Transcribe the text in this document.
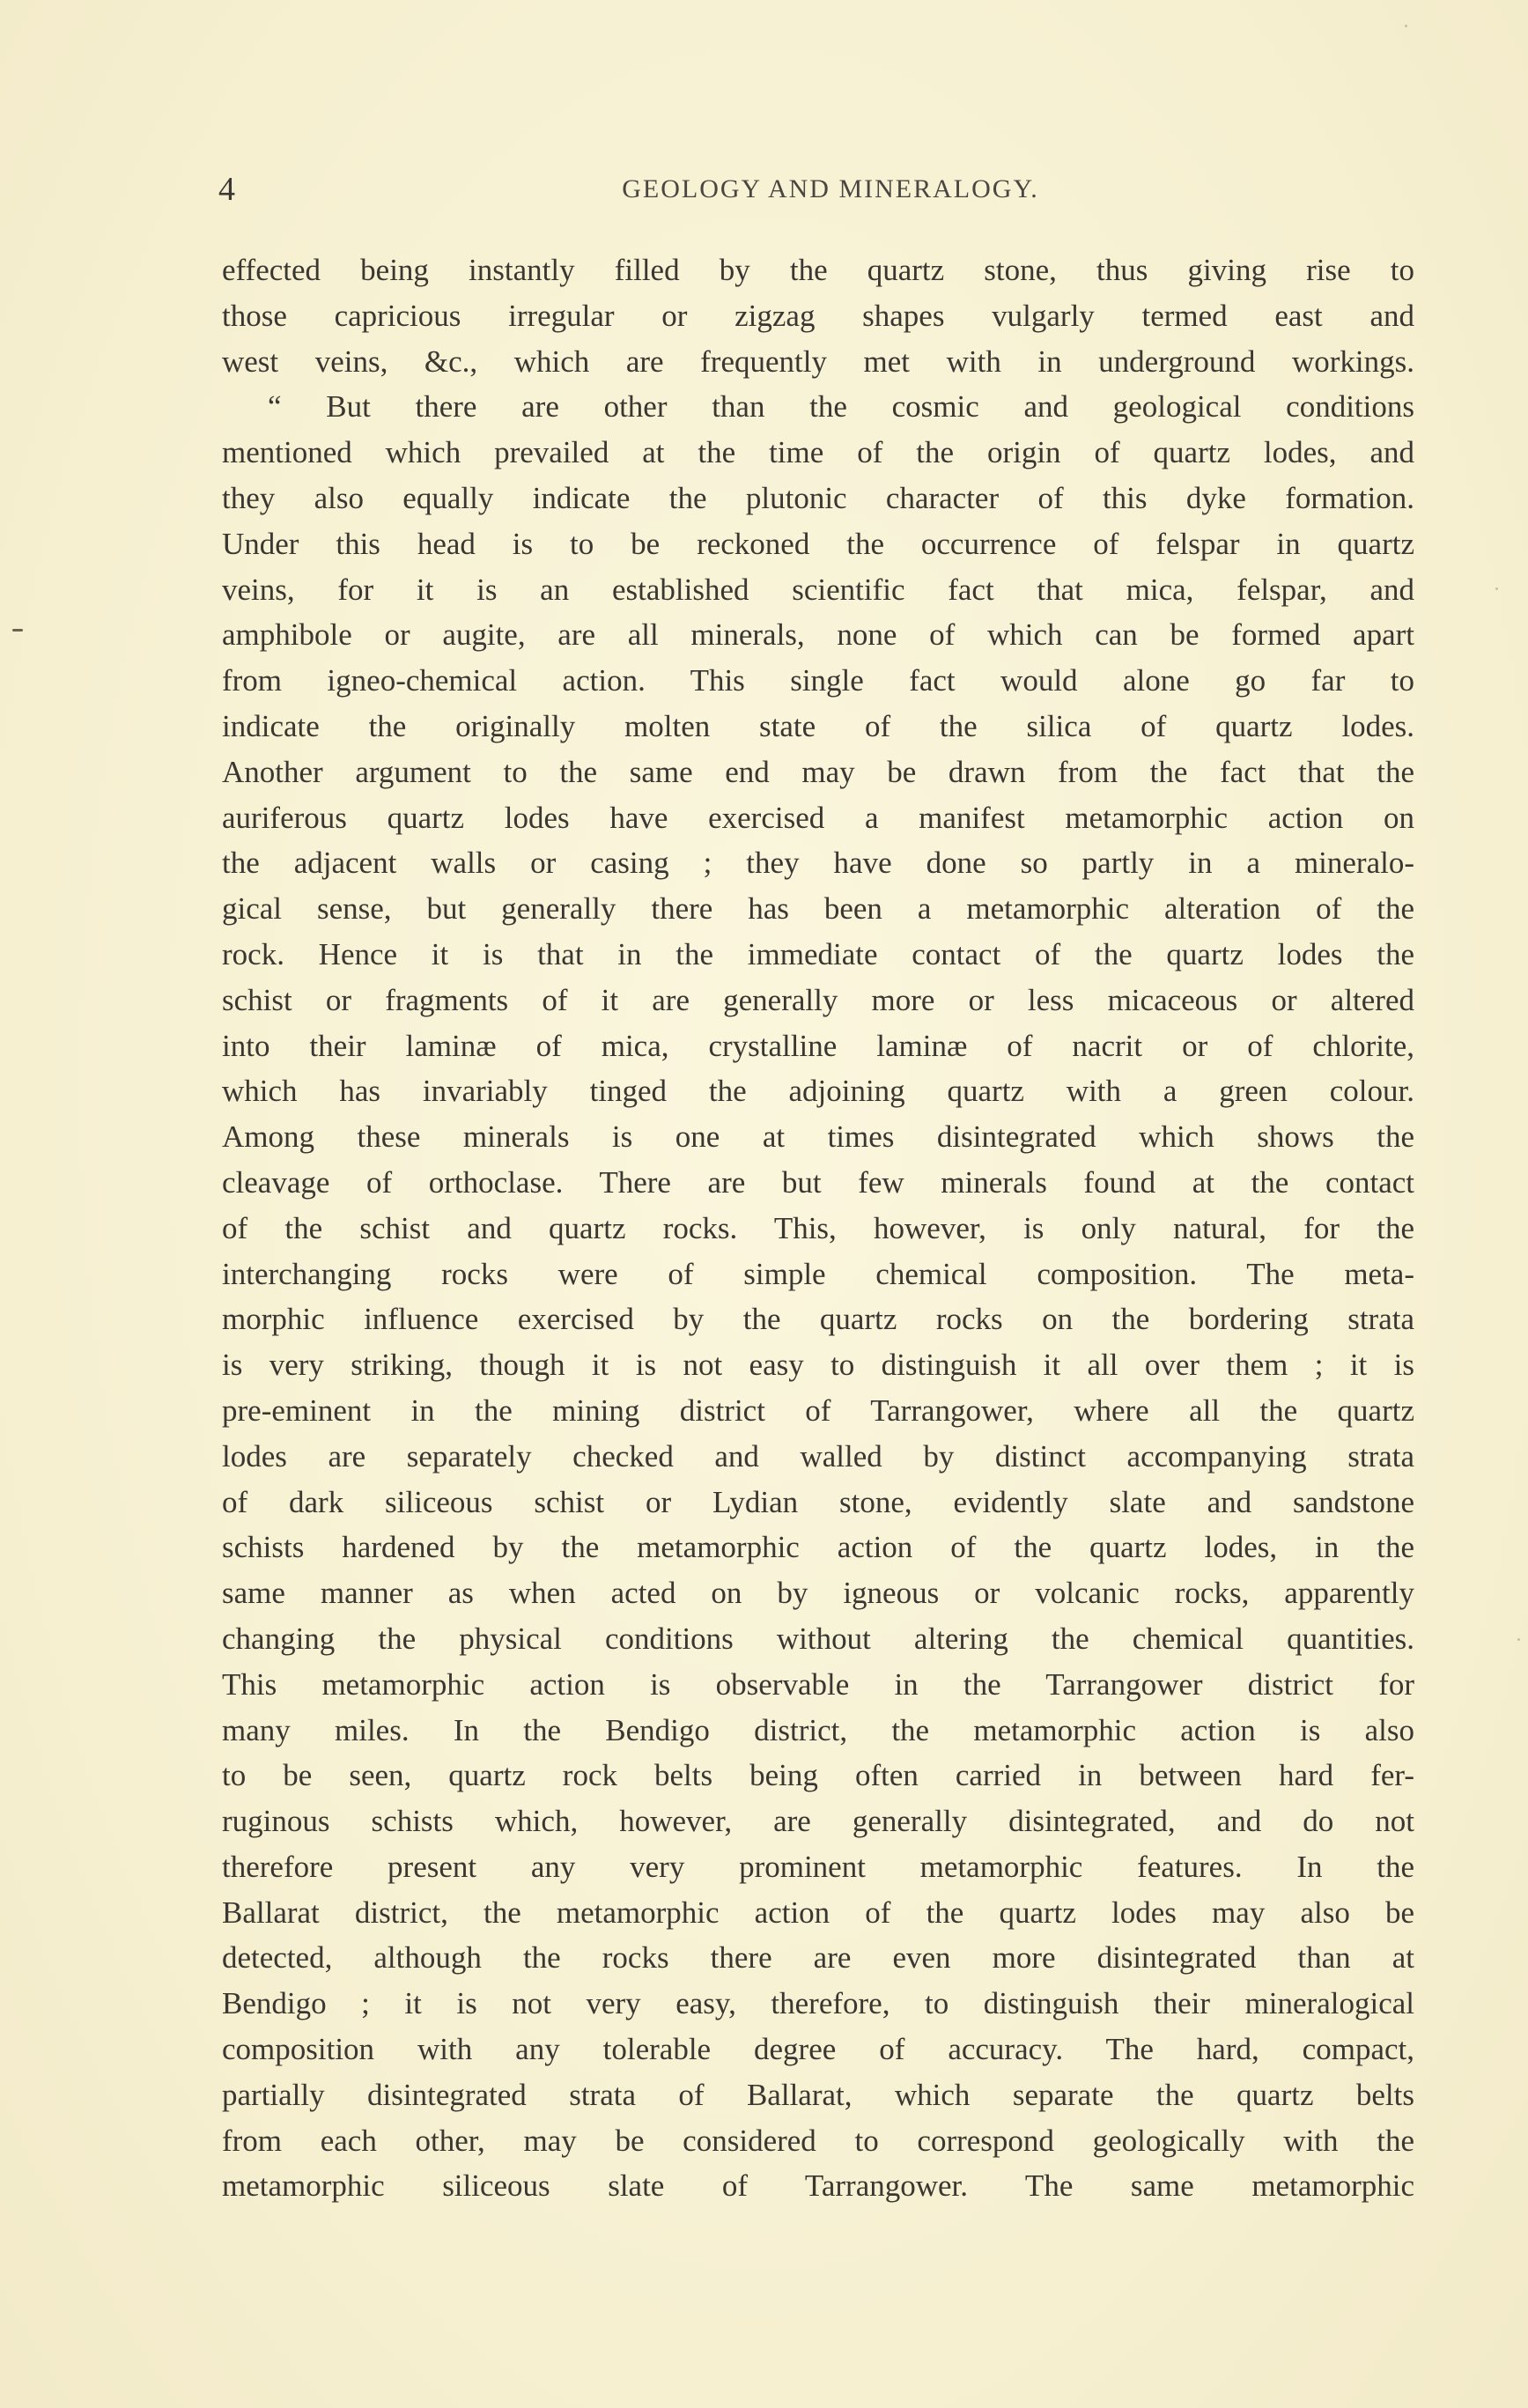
4	GEOLOGY AND MINERALOGY.
effected being instantly filled by the quartz stone, thus giving rise to
those capricious irregular or zigzag shapes vulgarly termed east and
west veins, &c., which are frequently met with in underground workings.
“ But there are other than the cosmic and geological conditions
mentioned which prevailed at the time of the origin of quartz lodes, and
they also equally indicate the plutonic character of this dyke formation.
Under this head is to be reckoned the occurrence of felspar in quartz
veins, for it is an established scientific fact that mica, felspar, and
amphibole or augite, are all minerals, none of which can be formed apart
from igneo-chemical action. This single fact would alone go far to
indicate the originally molten state of the silica of quartz lodes.
Another argument to the same end may be drawn from the fact that the
auriferous quartz lodes have exercised a manifest metamorphic action on
the adjacent walls or casing ; they have done so partly in a mineralo-
gical sense, but generally there has been a metamorphic alteration of the
rock. Hence it is that in the immediate contact of the quartz lodes the
schist or fragments of it are generally more or less micaceous or altered
into their laminæ of mica, crystalline laminæ of nacrit or of chlorite,
which has invariably tinged the adjoining quartz with a green colour.
Among these minerals is one at times disintegrated which shows the
cleavage of orthoclase. There are but few minerals found at the contact
of the schist and quartz rocks. This, however, is only natural, for the
interchanging rocks were of simple chemical composition. The meta-
morphic influence exercised by the quartz rocks on the bordering strata
is very striking, though it is not easy to distinguish it all over them ; it is
pre-eminent in the mining district of Tarrangower, where all the quartz
lodes are separately checked and walled by distinct accompanying strata
of dark siliceous schist or Lydian stone, evidently slate and sandstone
schists hardened by the metamorphic action of the quartz lodes, in the
same manner as when acted on by igneous or volcanic rocks, apparently
changing the physical conditions without altering the chemical quantities.
This metamorphic action is observable in the Tarrangower district for
many miles. In the Bendigo district, the metamorphic action is also
to be seen, quartz rock belts being often carried in between hard fer-
ruginous schists which, however, are generally disintegrated, and do not
therefore present any very prominent metamorphic features. In the
Ballarat district, the metamorphic action of the quartz lodes may also be
detected, although the rocks there are even more disintegrated than at
Bendigo ; it is not very easy, therefore, to distinguish their mineralogical
composition with any tolerable degree of accuracy. The hard, compact,
partially disintegrated strata of Ballarat, which separate the quartz belts
from each other, may be considered to correspond geologically with the
metamorphic siliceous slate of Tarrangower. The same metamorphic
